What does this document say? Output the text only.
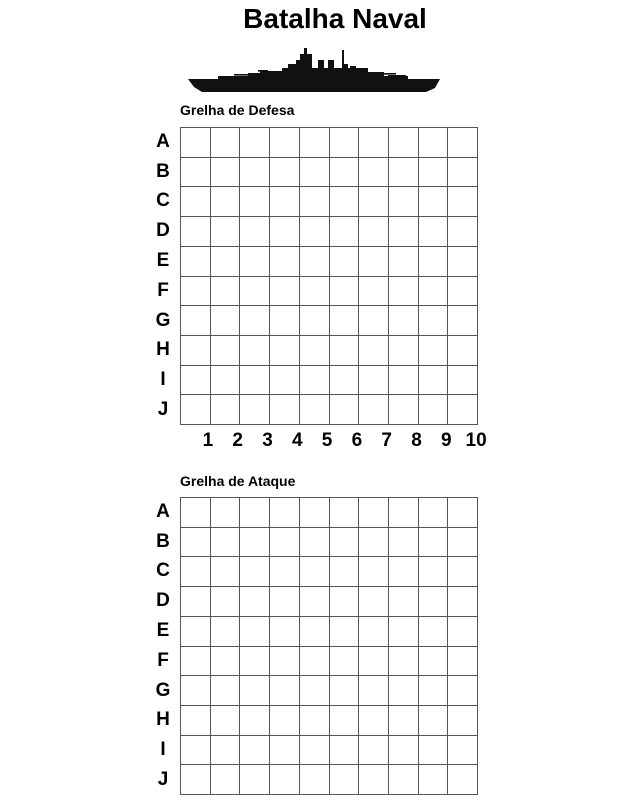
Batalha Naval
Grelha de Defesa
A
B
C
D
E
F
G
H
I
J
1	2	3	4	5	6	7	8	9 10
Grelha de Ataque
A
B
C
D
E
F
G
H
I
J
